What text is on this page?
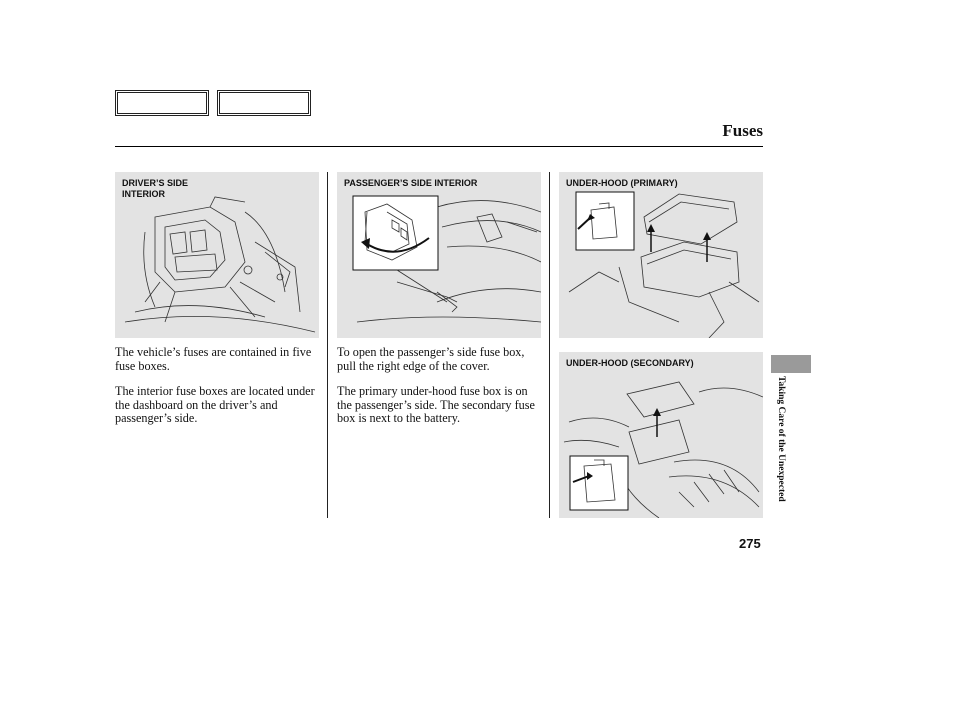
Fuses
DRIVER’S SIDE INTERIOR
PASSENGER’S SIDE INTERIOR	UNDER-HOOD (PRIMARY)
UNDER-HOOD (SECONDARY)
The vehicle’s fuses are contained in five fuse boxes.
The interior fuse boxes are located under the dashboard on the driver’s and passenger’s side.
To open the passenger’s side fuse box, pull the right edge of the cover.
The primary under-hood fuse box is on the passenger’s side. The secondary fuse box is next to the battery.	Taking Care of the Unexpected
275
